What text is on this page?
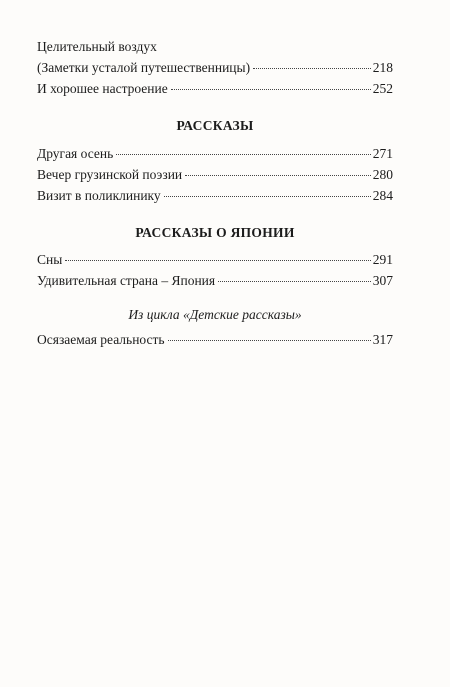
Целительный воздух
(Заметки усталой путешественницы)	218
И хорошее настроение	252
РАССКАЗЫ
Другая осень	271
Вечер грузинской поэзии	280
Визит в поликлинику	284
РАССКАЗЫ О ЯПОНИИ
Сны	291
Удивительная страна – Япония	307
Из цикла «Детские рассказы»
Осязаемая реальность	317
